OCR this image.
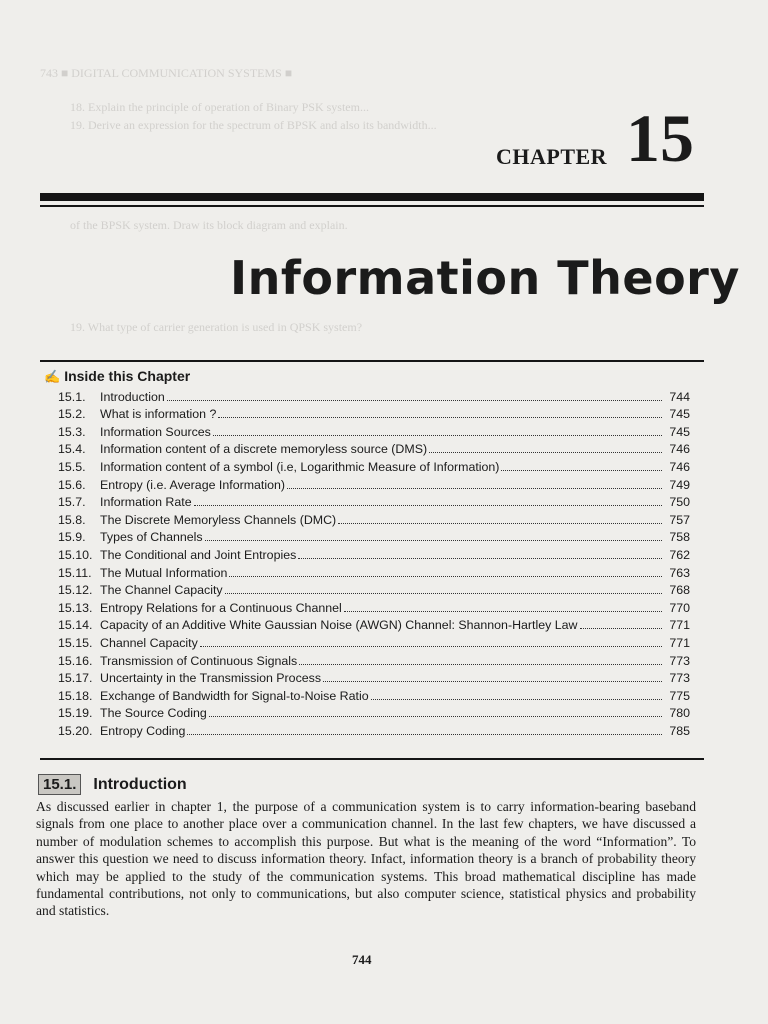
743 ■ DIGITAL COMMUNICATION SYSTEMS ■
18. Explain the principle of operation of Binary PSK system...
19. Derive an expression for the spectrum of BPSK and also its bandwidth...
of the BPSK system. Draw its block diagram and explain.
19. What type of carrier generation is used in QPSK system?
CHAPTER 15
Information Theory
✍ Inside this Chapter
15.1.	Introduction	744
15.2.	What is information ?	745
15.3.	Information Sources	745
15.4.	Information content of a discrete memoryless source (DMS)	746
15.5.	Information content of a symbol (i.e, Logarithmic Measure of Information)	746
15.6.	Entropy (i.e. Average Information)	749
15.7.	Information Rate	750
15.8.	The Discrete Memoryless Channels (DMC)	757
15.9.	Types of Channels	758
15.10. The Conditional and Joint Entropies	762
15.11. The Mutual Information	763
15.12. The Channel Capacity	768
15.13. Entropy Relations for a Continuous Channel	770
15.14. Capacity of an Additive White Gaussian Noise (AWGN) Channel: Shannon-Hartley Law	771
15.15. Channel Capacity	771
15.16. Transmission of Continuous Signals	773
15.17. Uncertainty in the Transmission Process	773
15.18. Exchange of Bandwidth for Signal-to-Noise Ratio	775
15.19. The Source Coding	780
15.20. Entropy Coding	785
15.1.	Introduction
As discussed earlier in chapter 1, the purpose of a communication system is to carry information-bearing baseband signals from one place to another place over a communication channel. In the last few chapters, we have discussed a number of modulation schemes to accomplish this purpose. But what is the meaning of the word “Information”. To answer this question we need to discuss information theory. Infact, information theory is a branch of probability theory which may be applied to the study of the communication systems. This broad mathematical discipline has made fundamental contributions, not only to communications, but also computer science, statistical physics and probability and statistics.
744
